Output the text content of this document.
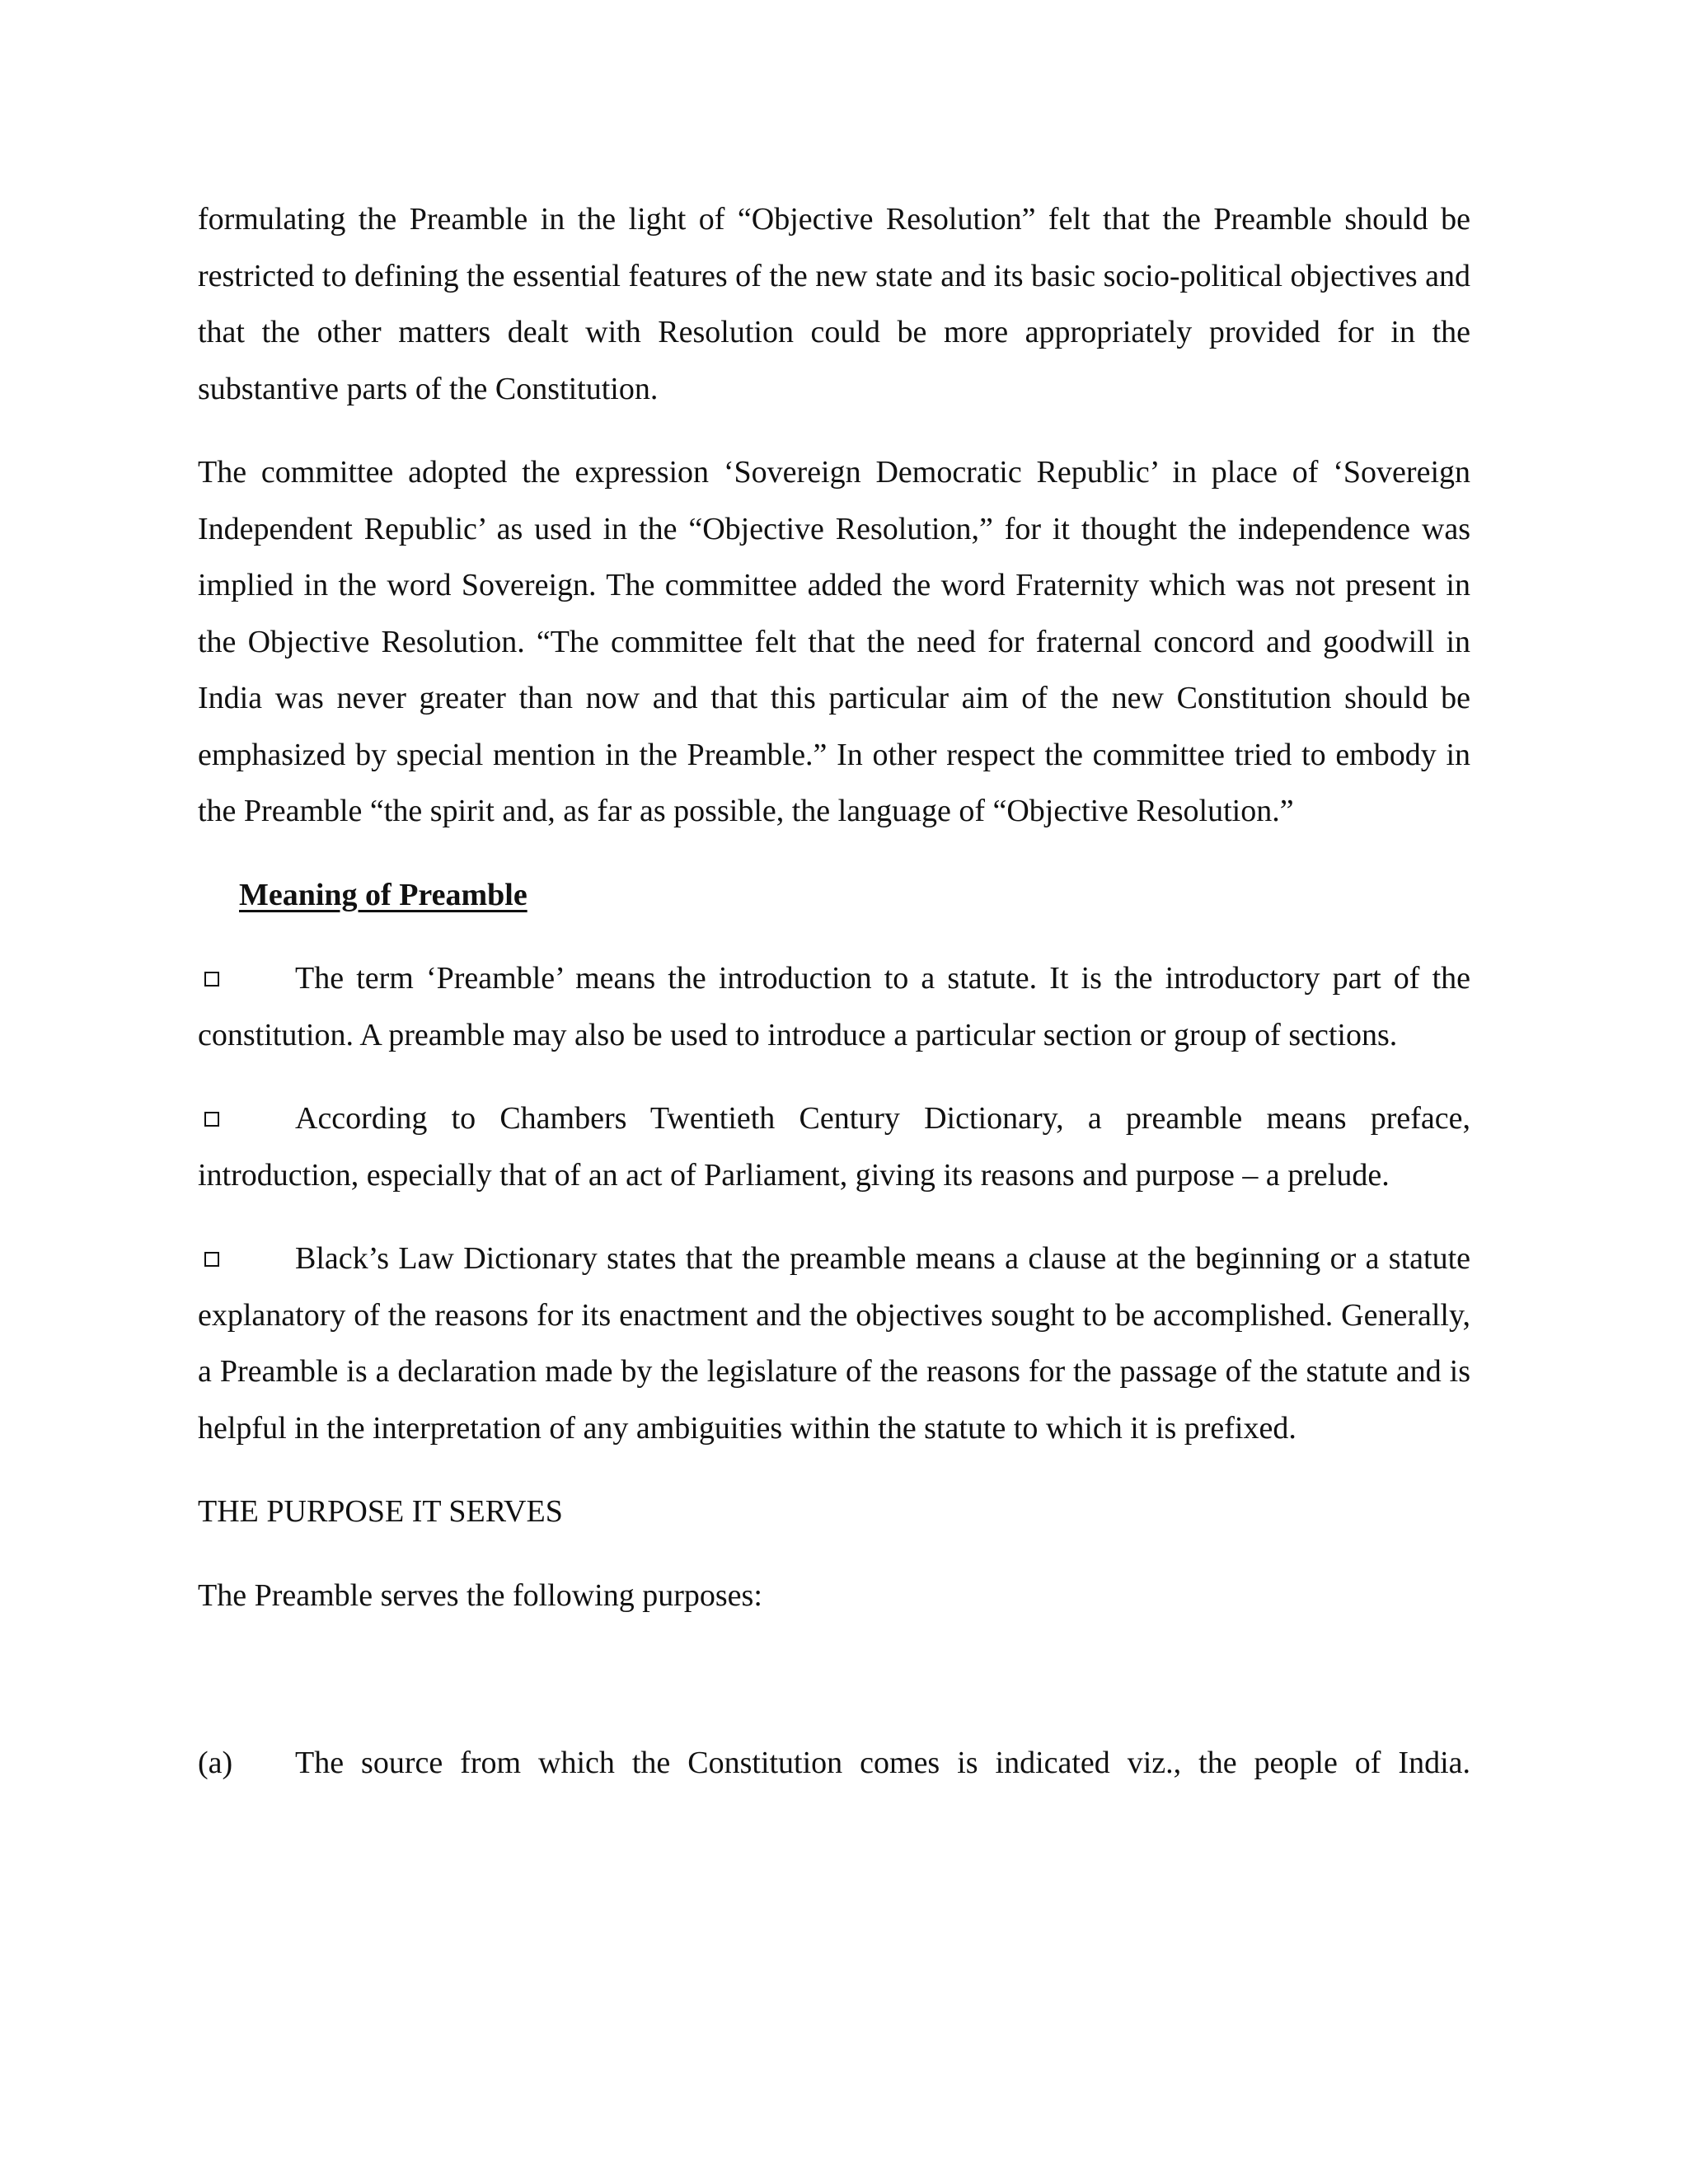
formulating the Preamble in the light of “Objective Resolution” felt that the Preamble should be restricted to defining the essential features of the new state and its basic socio-political objectives and that the other matters dealt with Resolution could be more appropriately provided for in the substantive parts of the Constitution.

The committee adopted the expression ‘Sovereign Democratic Republic’ in place of ‘Sovereign Independent Republic’ as used in the “Objective Resolution,” for it thought the independence was implied in the word Sovereign. The committee added the word Fraternity which was not present in the Objective Resolution. “The committee felt that the need for fraternal concord and goodwill in India was never greater than now and that this particular aim of the new Constitution should be emphasized by special mention in the Preamble.” In other respect the committee tried to embody in the Preamble “the spirit and, as far as possible, the language of “Objective Resolution.”

Meaning of Preamble

The term ‘Preamble’ means the introduction to a statute. It is the introductory part of the constitution. A preamble may also be used to introduce a particular section or group of sections.

According to Chambers Twentieth Century Dictionary, a preamble means preface, introduction, especially that of an act of Parliament, giving its reasons and purpose – a prelude.

Black’s Law Dictionary states that the preamble means a clause at the beginning or a statute explanatory of the reasons for its enactment and the objectives sought to be accomplished. Generally, a Preamble is a declaration made by the legislature of the reasons for the passage of the statute and is helpful in the interpretation of any ambiguities within the statute to which it is prefixed.

THE PURPOSE IT SERVES

The Preamble serves the following purposes:

(a) The source from which the Constitution comes is indicated viz., the people of India.
